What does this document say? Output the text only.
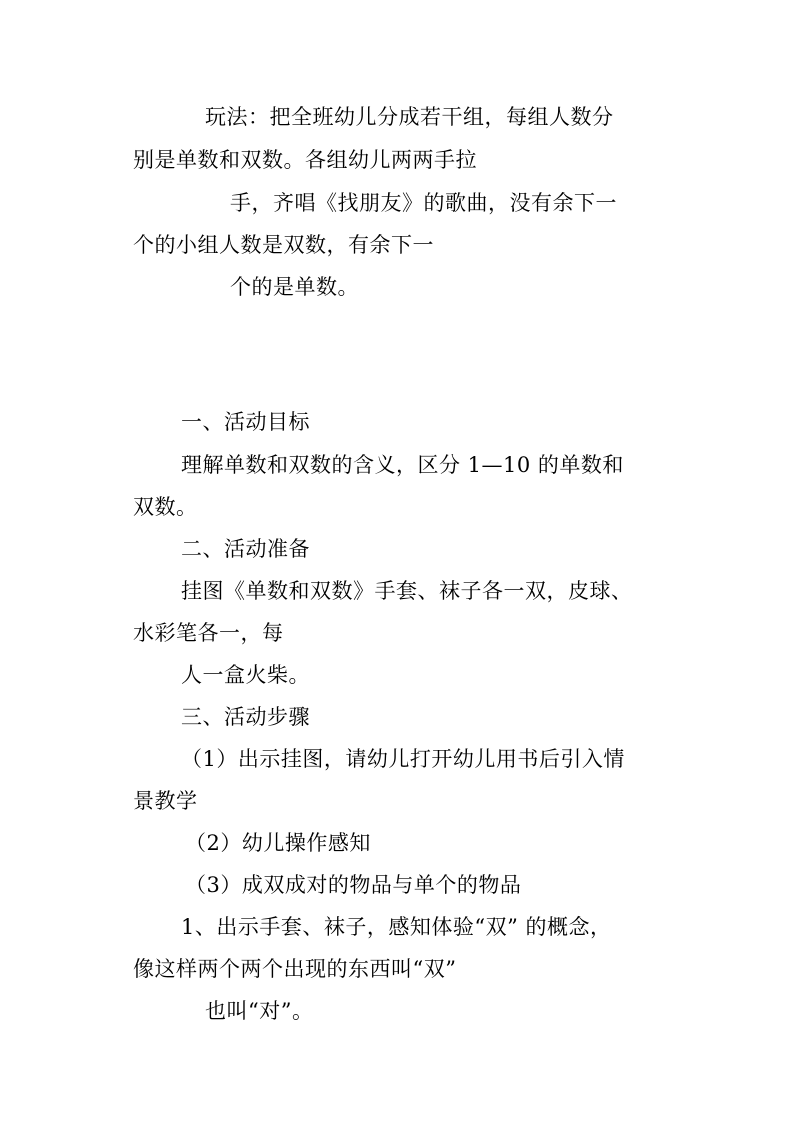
玩法：把全班幼儿分成若干组，每组人数分
别是单数和双数。各组幼儿两两手拉
手，齐唱《找朋友》的歌曲，没有余下一
个的小组人数是双数，有余下一
个的是单数。
一、活动目标
理解单数和双数的含义，区分 1—10 的单数和
双数。
二、活动准备
挂图《单数和双数》手套、袜子各一双，皮球、
水彩笔各一，每
人一盒火柴。
三、活动步骤
（1）出示挂图，请幼儿打开幼儿用书后引入情
景教学
（2）幼儿操作感知
（3）成双成对的物品与单个的物品
1、出示手套、袜子，感知体验“双” 的概念，
像这样两个两个出现的东西叫“双”
也叫“对”。
